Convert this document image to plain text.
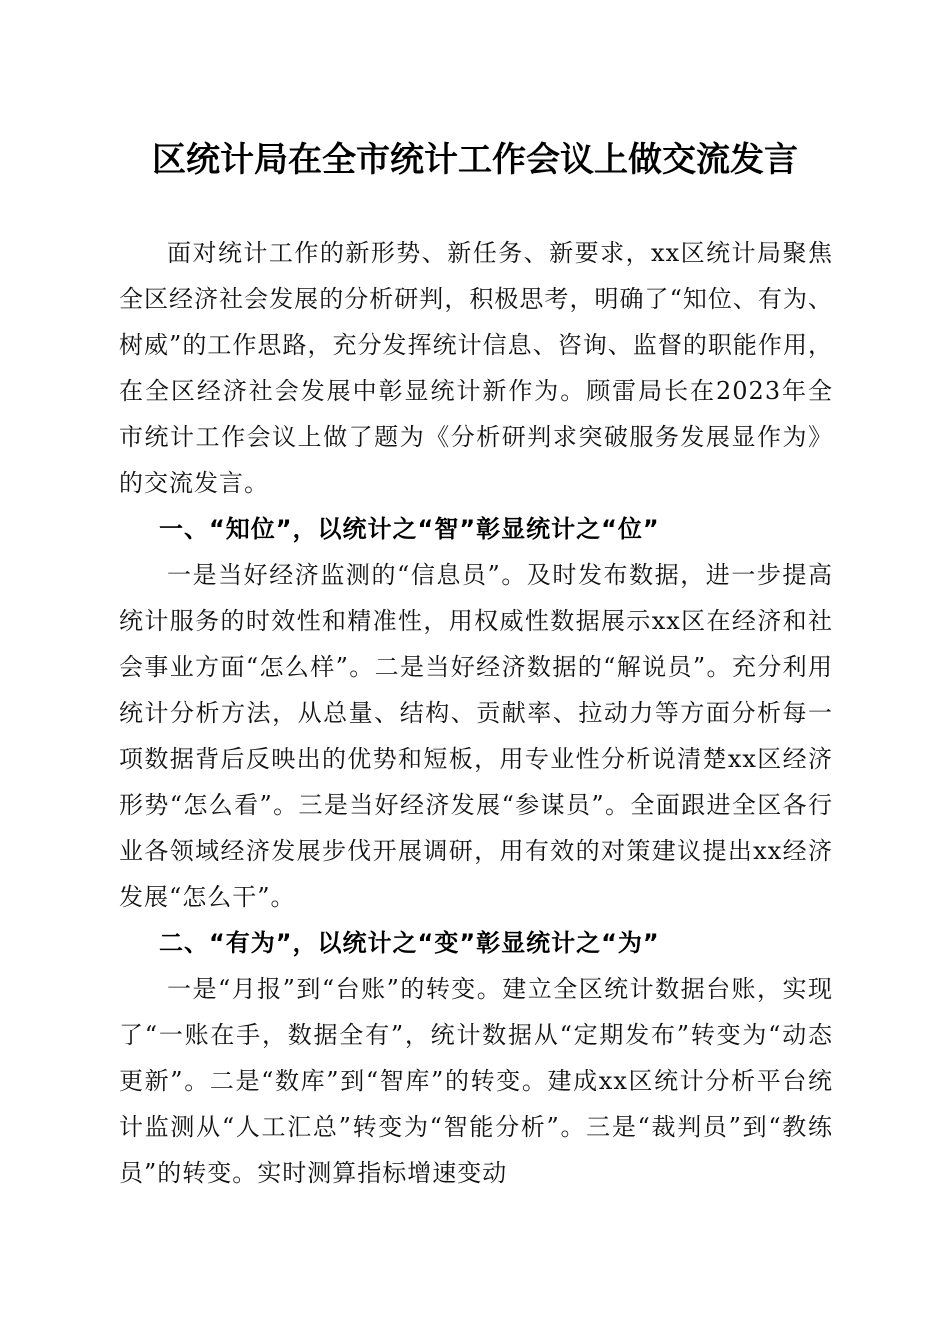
区统计局在全市统计工作会议上做交流发言

面对统计工作的新形势、新任务、新要求，xx区统计局聚焦全区经济社会发展的分析研判，积极思考，明确了“知位、有为、树威”的工作思路，充分发挥统计信息、咨询、监督的职能作用，在全区经济社会发展中彰显统计新作为。顾雷局长在2023年全市统计工作会议上做了题为《分析研判求突破服务发展显作为》的交流发言。

一、“知位”，以统计之“智”彰显统计之“位”

一是当好经济监测的“信息员”。及时发布数据，进一步提高统计服务的时效性和精准性，用权威性数据展示xx区在经济和社会事业方面“怎么样”。二是当好经济数据的“解说员”。充分利用统计分析方法，从总量、结构、贡献率、拉动力等方面分析每一项数据背后反映出的优势和短板，用专业性分析说清楚xx区经济形势“怎么看”。三是当好经济发展“参谋员”。全面跟进全区各行业各领域经济发展步伐开展调研，用有效的对策建议提出xx经济发展“怎么干”。

二、“有为”，以统计之“变”彰显统计之“为”

一是“月报”到“台账”的转变。建立全区统计数据台账，实现了“一账在手，数据全有”，统计数据从“定期发布”转变为“动态更新”。二是“数库”到“智库”的转变。建成xx区统计分析平台统计监测从“人工汇总”转变为“智能分析”。三是“裁判员”到“教练员”的转变。实时测算指标增速变动
